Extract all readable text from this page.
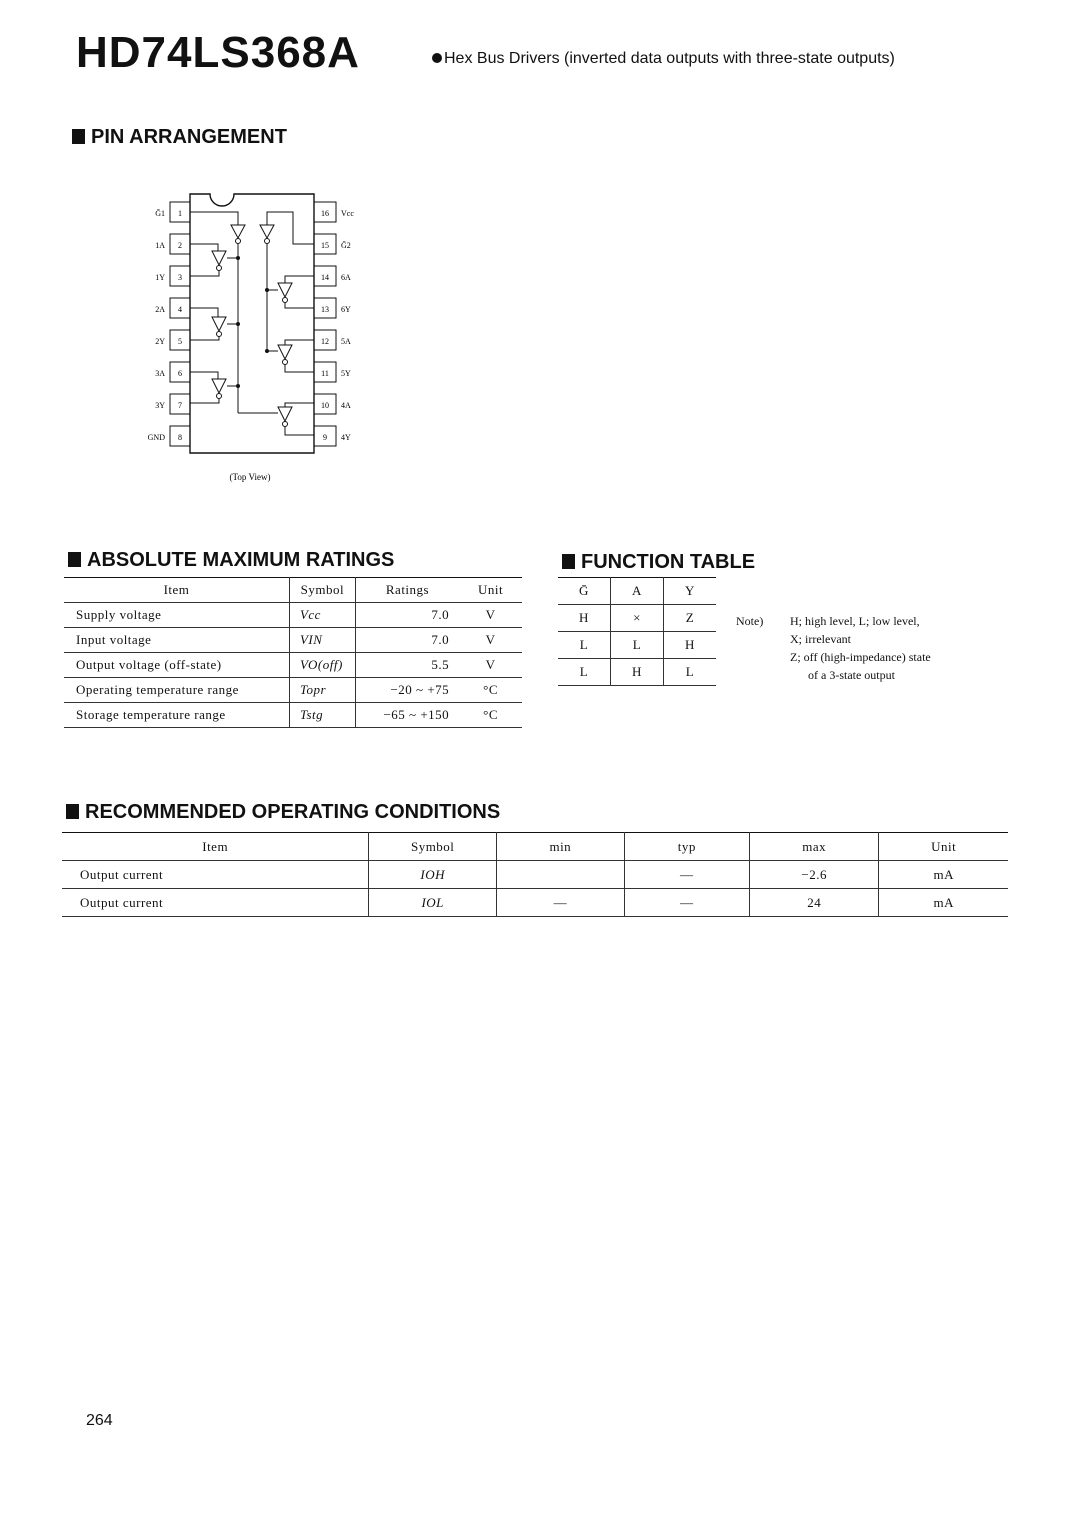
HD74LS368A	Hex Bus Drivers (inverted data outputs with three-state outputs)
PIN ARRANGEMENT
1
Ḡ1
2
1A
3
1Y
4
2A
5
2Y
6
3A
7
3Y
8
GND
16 Vcc
15 Ḡ2
14 6A
13 6Y
12 5A
11 5Y
10 4A
9 4Y
(Top View)
ABSOLUTE MAXIMUM RATINGS
Item	Symbol	Ratings	Unit
Supply voltage	Vcc	7.0	V
Input voltage	VIN	7.0	V
Output voltage (off-state)	VO(off)	5.5	V
Operating temperature range	Topr	−20 ~ +75	°C
Storage temperature range	Tstg	−65 ~ +150	°C
FUNCTION TABLE
Ḡ	A	Y
H	×	Z
L	L	H
L	H	L
Note) H; high level, L; low level,
X; irrelevant
Z; off (high-impedance) state
of a 3-state output
RECOMMENDED OPERATING CONDITIONS
Item	Symbol	min	typ	max	Unit
Output current	IOH		—	−2.6	mA
Output current	IOL	—	—	24	mA
264
